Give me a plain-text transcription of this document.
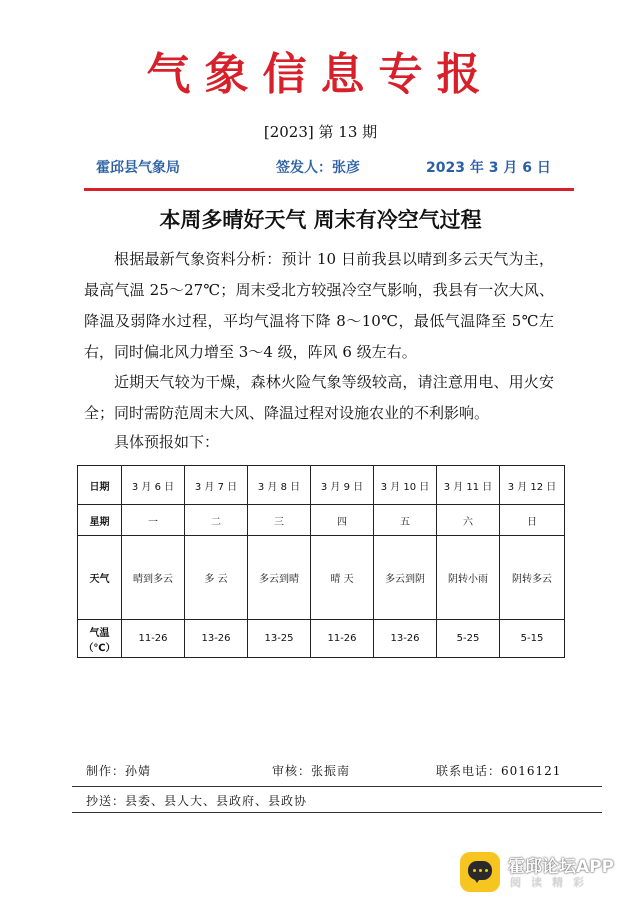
气象信息专报
[2023] 第 13 期
霍邱县气象局	签发人：张彦	2023 年 3 月 6 日
本周多晴好天气 周末有冷空气过程
根据最新气象资料分析：预计 10 日前我县以晴到多云天气为主，最高气温 25～27℃；周末受北方较强冷空气影响，我县有一次大风、降温及弱降水过程，平均气温将下降 8～10℃，最低气温降至 5℃左右，同时偏北风力增至 3～4 级，阵风 6 级左右。
近期天气较为干燥，森林火险气象等级较高，请注意用电、用火安全；同时需防范周末大风、降温过程对设施农业的不利影响。
具体预报如下：
日期	3 月 6 日	3 月 7 日	3 月 8 日	3 月 9 日	3 月 10 日	3 月 11 日	3 月 12 日
星期	一	二	三	四	五	六	日
天气	晴到多云	多 云	多云到晴	晴 天	多云到阴	阴转小雨	阴转多云
气温（℃）	11-26	13-26	13-25	11-26	13-26	5-25	5-15
制作：孙婧	审核：张振南	联系电话：6016121
抄送：县委、县人大、县政府、县政协
霍邱论坛APP
阅读精彩
